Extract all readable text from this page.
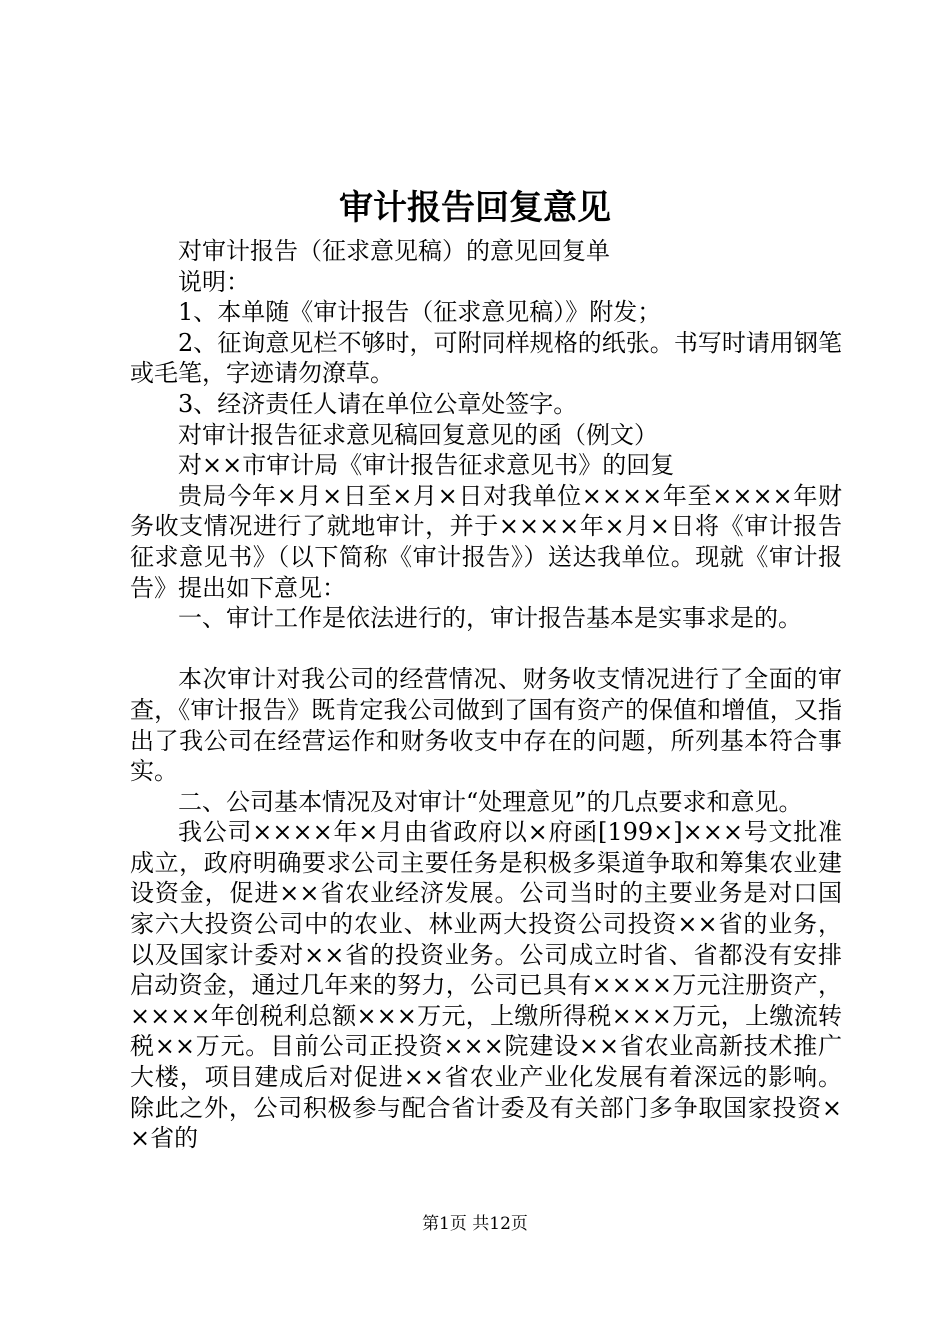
审计报告回复意见

对审计报告（征求意见稿）的意见回复单

说明：

1、本单随《审计报告（征求意见稿）》附发；

2、征询意见栏不够时，可附同样规格的纸张。书写时请用钢笔或毛笔，字迹请勿潦草。

3、经济责任人请在单位公章处签字。

对审计报告征求意见稿回复意见的函（例文）

对××市审计局《审计报告征求意见书》的回复

贵局今年×月×日至×月×日对我单位××××年至××××年财务收支情况进行了就地审计，并于××××年×月×日将《审计报告征求意见书》（以下简称《审计报告》）送达我单位。现就《审计报告》提出如下意见：

一、审计工作是依法进行的，审计报告基本是实事求是的。

本次审计对我公司的经营情况、财务收支情况进行了全面的审查，《审计报告》既肯定我公司做到了国有资产的保值和增值，又指出了我公司在经营运作和财务收支中存在的问题，所列基本符合事实。

二、公司基本情况及对审计“处理意见”的几点要求和意见。

我公司××××年×月由省政府以×府函[199×]×××号文批准成立，政府明确要求公司主要任务是积极多渠道争取和筹集农业建设资金，促进××省农业经济发展。公司当时的主要业务是对口国家六大投资公司中的农业、林业两大投资公司投资××省的业务，以及国家计委对××省的投资业务。公司成立时省、省都没有安排启动资金，通过几年来的努力，公司已具有××××万元注册资产，××××年创税利总额×××万元，上缴所得税×××万元，上缴流转税××万元。目前公司正投资×××院建设××省农业高新技术推广大楼，项目建成后对促进××省农业产业化发展有着深远的影响。除此之外，公司积极参与配合省计委及有关部门多争取国家投资××省的

第1页 共12页
